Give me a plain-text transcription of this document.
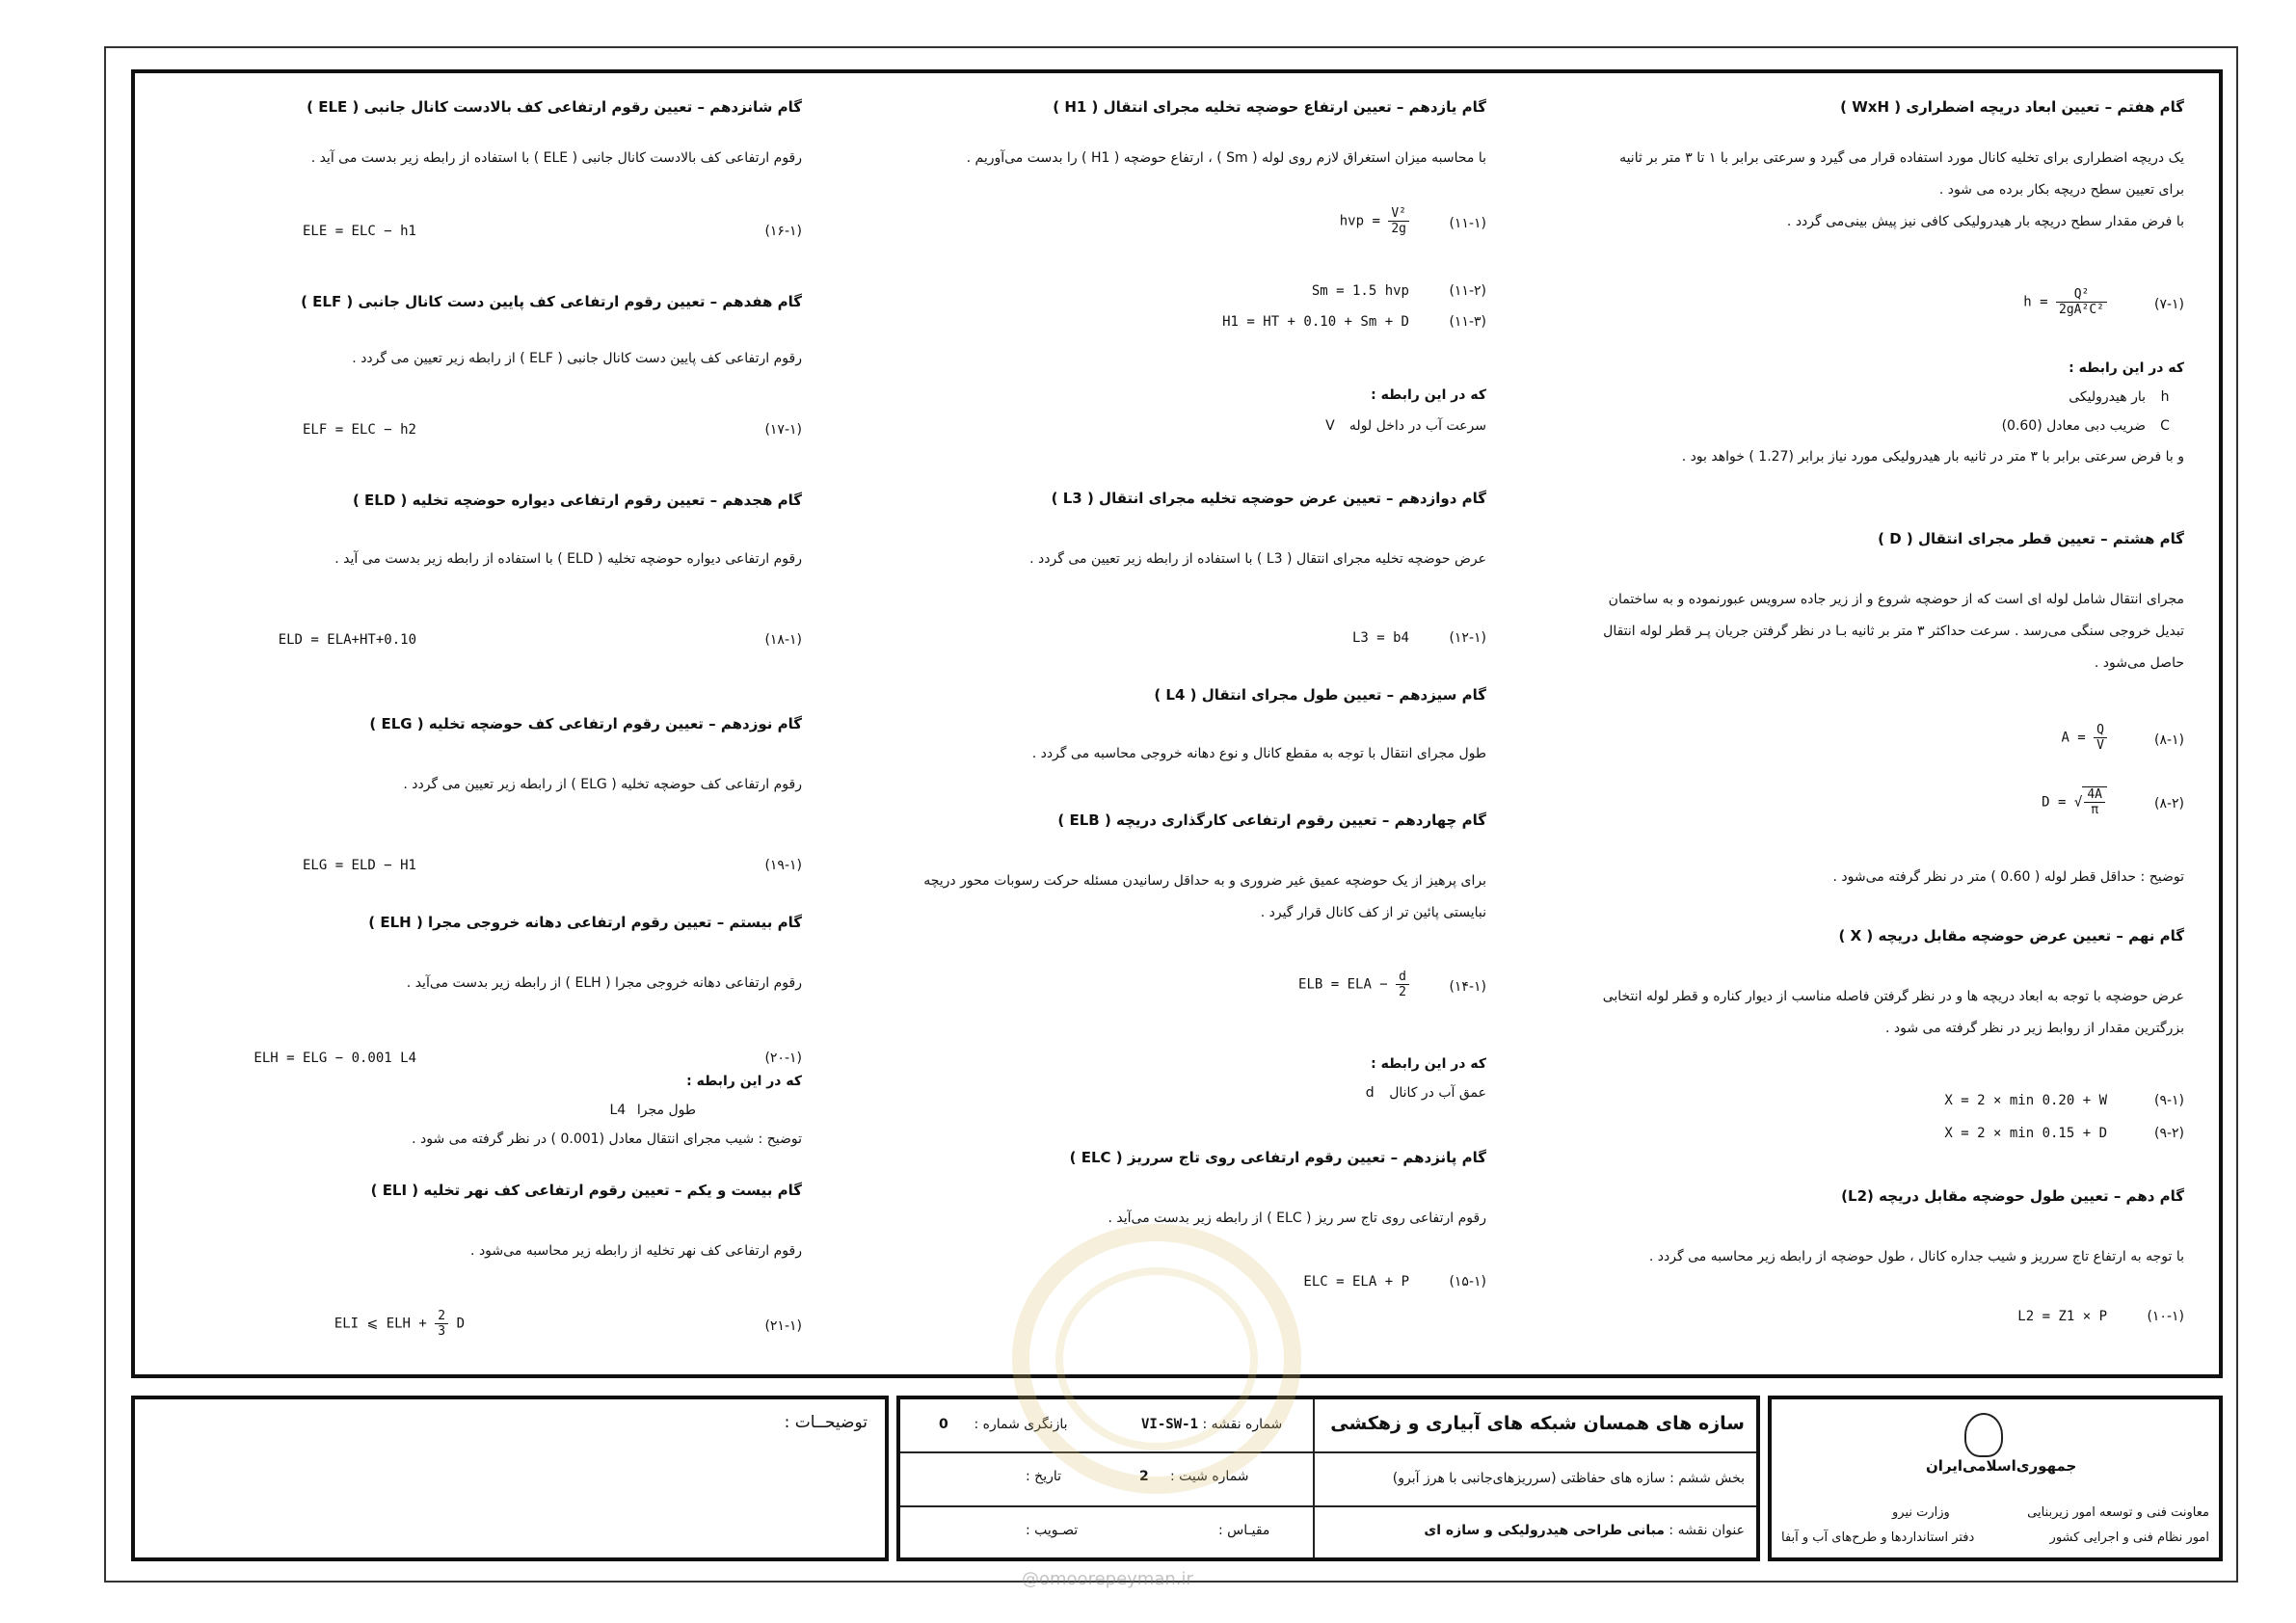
گام هفتم – تعیین ابعاد دریچه اضطراری ( WxH )
یک دریچه اضطراری برای تخلیه کانال مورد استفاده قرار می گیرد و سرعتی برابر با ۱ تا ۳ متر بر ثانیه
برای تعیین سطح دریچه بکار برده می شود .
با فرض مقدار سطح دریچه بار هیدرولیکی کافی نیز پیش بینی‌می گردد .
(۷-۱)
$h = \frac{\text{Q²}}{\text{2gA²C²}}$
که در این رابطه :
hبار هیدرولیکی
Cضریب دبی معادل (0.60)
و با فرض سرعتی برابر با ۳ متر در ثانیه بار هیدرولیکی مورد نیاز برابر (1.27 ) خواهد بود .
گام هشتم – تعیین قطر مجرای انتقال ( D )
مجرای انتقال شامل لوله ای است که از حوضچه شروع و از زیر جاده سرویس عبورنموده و به ساختمان
تبدیل خروجی سنگی می‌رسد . سرعت حداکثر ۳ متر بر ثانیه بـا در نظر گرفتن جریان پـر قطر لوله انتقال
حاصل می‌شود .
(۸-۱)
$A = \frac{Q}{V}$
(۸-۲)
D = √ $\frac{4A}{\pi}$
توضیح : حداقل قطر لوله ( 0.60 ) متر در نظر گرفته می‌شود .
گام نهم – تعیین عرض حوضچه مقابل دریچه ( X )
عرض حوضچه با توجه به ابعاد دریچه ها و در نظر گرفتن فاصله مناسب از دیوار کناره و قطر لوله انتخابی
بزرگترین مقدار از روابط زیر در نظر گرفته می شود .
(۹-۱)
X = 2 × min 0.20 + W
(۹-۲)
X = 2 × min 0.15 + D
گام دهم – تعیین طول حوضچه مقابل دریچه (L2)
با توجه به ارتفاع تاج سرریز و شیب جداره کانال ، طول حوضچه از رابطه زیر محاسبه می گردد .
(۱۰-۱)
L2 = Z1 × P
گام یازدهم – تعیین ارتفاع حوضچه تخلیه مجرای انتقال ( H1 )
با محاسبه میزان استغراق لازم روی لوله ( Sm ) ، ارتفاع حوضچه ( H1 ) را بدست می‌آوریم .
(۱۱-۱)
hvp = $\frac{\text{V²}}{2g}$
(۱۱-۲)
Sm = 1.5 hvp
(۱۱-۳)
H1 = HT + 0.10 + Sm + D
که در این رابطه :
سرعت آب در داخل لولهV
گام دوازدهم – تعیین عرض حوضچه تخلیه مجرای انتقال ( L3 )
عرض حوضچه تخلیه مجرای انتقال ( L3 ) با استفاده از رابطه زیر تعیین می گردد .
(۱۲-۱)
L3 = b4
گام سیزدهم – تعیین طول مجرای انتقال ( L4 )
طول مجرای انتقال با توجه به مقطع کانال و نوع دهانه خروجی محاسبه می گردد .
گام چهاردهم – تعیین رقوم ارتفاعی کارگذاری دریچه ( ELB )
برای پرهیز از یک حوضچه عمیق غیر ضروری و به حداقل رسانیدن مسئله حرکت رسوبات محور دریچه
نبایستی پائین تر از کف کانال قرار گیرد .
(۱۴-۱)
ELB = ELA − $\frac{d}{2}$
که در این رابطه :
عمق آب در کانالd
گام پانزدهم – تعیین رقوم ارتفاعی روی تاج سرریز ( ELC )
رقوم ارتفاعی روی تاج سر ریز ( ELC ) از رابطه زیر بدست می‌آید .
(۱۵-۱)
ELC = ELA + P
گام شانزدهم – تعیین رقوم ارتفاعی کف بالادست کانال جانبی ( ELE )
رقوم ارتفاعی کف بالادست کانال جانبی ( ELE ) با استفاده از رابطه زیر بدست می آید .
(۱۶-۱)
ELE = ELC − h1
گام هفدهم – تعیین رقوم ارتفاعی کف پایین دست کانال جانبی ( ELF )
رقوم ارتفاعی کف پایین دست کانال جانبی ( ELF ) از رابطه زیر تعیین می گردد .
(۱۷-۱)
ELF = ELC − h2
گام هجدهم – تعیین رقوم ارتفاعی دیواره حوضچه تخلیه ( ELD )
رقوم ارتفاعی دیواره حوضچه تخلیه ( ELD ) با استفاده از رابطه زیر بدست می آید .
(۱۸-۱)
ELD = ELA+HT+0.10
گام نوزدهم – تعیین رقوم ارتفاعی کف حوضچه تخلیه ( ELG )
رقوم ارتفاعی کف حوضچه تخلیه ( ELG ) از رابطه زیر تعیین می گردد .
(۱۹-۱)
ELG = ELD − H1
گام بیستم – تعیین رقوم ارتفاعی دهانه خروجی مجرا ( ELH )
رقوم ارتفاعی دهانه خروجی مجرا ( ELH ) از رابطه زیر بدست می‌آید .
(۲۰-۱)
ELH = ELG − 0.001 L4
که در این رابطه :
طول مجراL4
توضیح : شیب مجرای انتقال معادل (0.001 ) در نظر گرفته می شود .
گام بیست و یکم – تعیین رقوم ارتفاعی کف نهر تخلیه ( ELI )
رقوم ارتفاعی کف نهر تخلیه از رابطه زیر محاسبه می‌شود .
(۲۱-۱)
ELI ⩽ ELH + $\frac{2}{3}$ D
جمهوری‌اسلامی‌ایران
معاونت فنی و توسعه امور زیربنایی
امور نظام فنی و اجرایی کشور
وزارت نیرو
دفتر استانداردها و طرح‌های آب و آبفا
سازه های همسان شبکه های آبیاری و زهکشی
بخش ششم : سازه های حفاظتی (سرریزهای‌جانبی با هرز آبرو)
عنوان نقشه : مبانی طراحی هیدرولیکی و سازه ای
شماره نقشه : VI-SW-1
بازنگری شماره :      0
شماره شیت :     2
تاریخ :
مقیـاس :
تصـویب :
توضیحــات :
@omoorepeyman.ir
